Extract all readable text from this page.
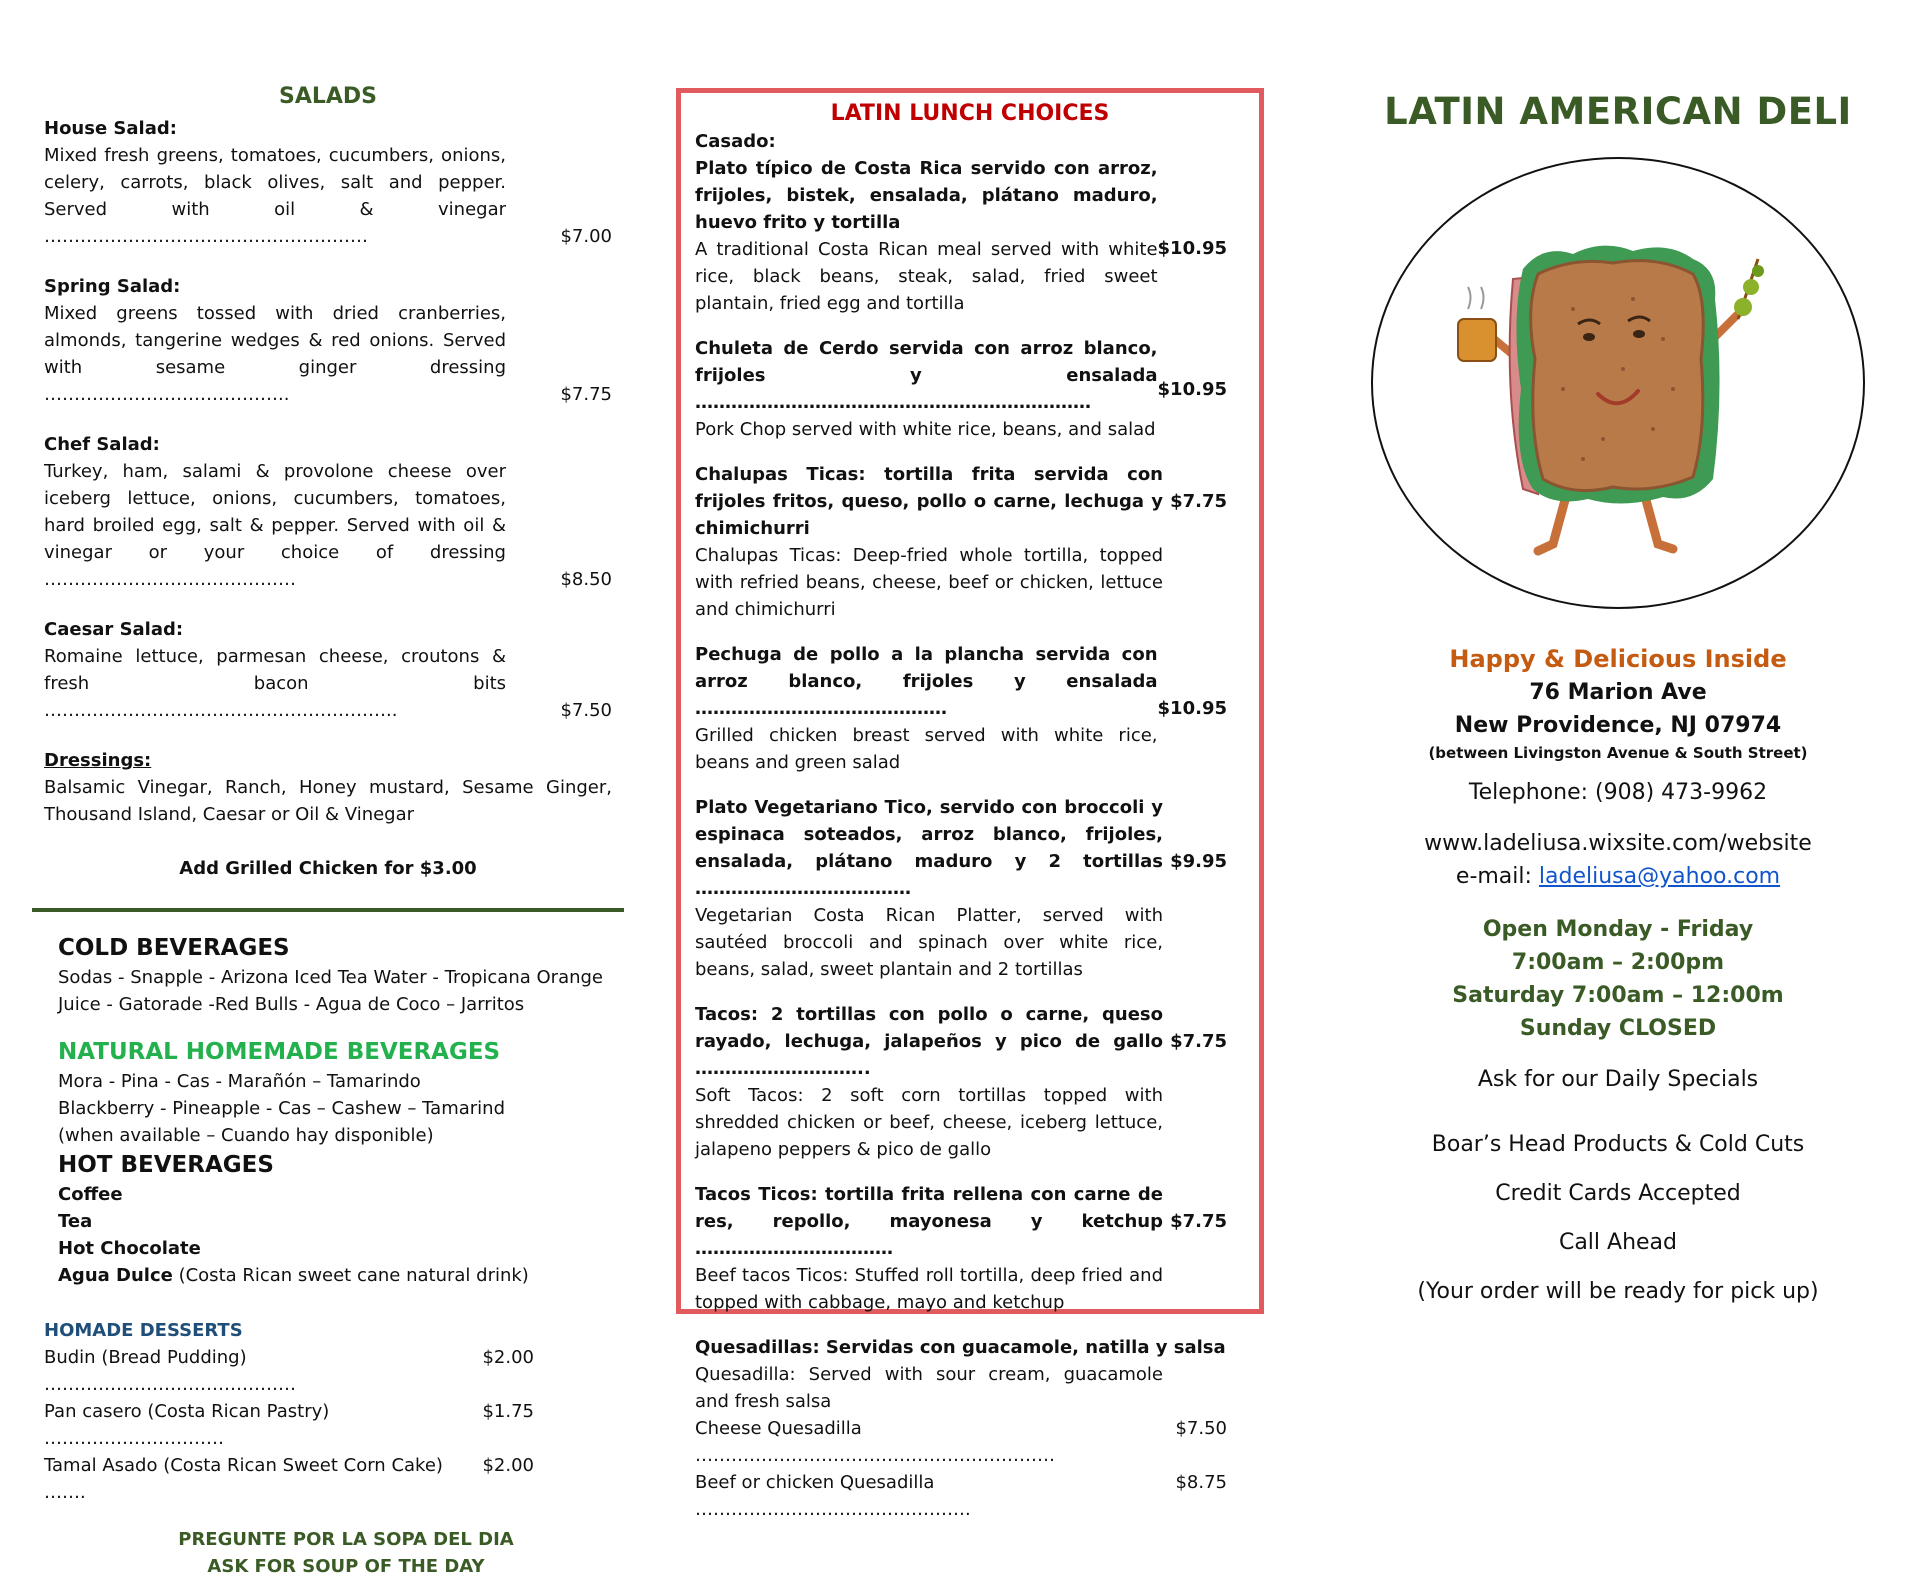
SALADS
House Salad:
Mixed fresh greens, tomatoes, cucumbers, onions, celery, carrots, black olives, salt and pepper. Served with oil & vinegar ………………………………………………	$7.00
Spring Salad:
Mixed greens tossed with dried cranberries, almonds, tangerine wedges & red onions. Served with sesame ginger dressing …………………………………..	$7.75
Chef Salad:
Turkey, ham, salami & provolone cheese over iceberg lettuce, onions, cucumbers, tomatoes, hard broiled egg, salt & pepper. Served with oil & vinegar or your choice of dressing ……………………………………	$8.50
Caesar Salad:
Romaine lettuce, parmesan cheese, croutons & fresh bacon bits …………………………………………………..	$7.50
Dressings:
Balsamic Vinegar, Ranch, Honey mustard, Sesame Ginger, Thousand Island, Caesar or Oil & Vinegar
Add Grilled Chicken for $3.00
COLD BEVERAGES
Sodas - Snapple - Arizona Iced Tea Water - Tropicana Orange Juice - Gatorade -Red Bulls - Agua de Coco – Jarritos
NATURAL HOMEMADE BEVERAGES
Mora - Pina - Cas - Marañón – Tamarindo
Blackberry - Pineapple - Cas – Cashew – Tamarind
(when available – Cuando hay disponible)
HOT BEVERAGES
Coffee
Tea
Hot Chocolate
Agua Dulce (Costa Rican sweet cane natural drink)
HOMADE DESSERTS
Budin (Bread Pudding) ……………………………………
$2.00
Pan casero (Costa Rican Pastry) …………………………
$1.75
Tamal Asado (Costa Rican Sweet Corn Cake) …….
$2.00
PREGUNTE POR LA SOPA DEL DIA
ASK FOR SOUP OF THE DAY
LATIN LUNCH CHOICES
Casado:
Plato típico de Costa Rica servido con arroz, frijoles, bistek, ensalada, plátano maduro, huevo frito y tortilla
A traditional Costa Rican meal served with white rice, black beans, steak, salad, fried sweet plantain, fried egg and tortilla
$10.95
Chuleta de Cerdo servida con arroz blanco, frijoles y ensalada …………………………………………………………
Pork Chop served with white rice, beans, and salad
$10.95
Chalupas Ticas: tortilla frita servida con frijoles fritos, queso, pollo o carne, lechuga y chimichurri
Chalupas Ticas: Deep-fried whole tortilla, topped with refried beans, cheese, beef or chicken, lettuce and chimichurri
$7.75
Pechuga de pollo a la plancha servida con arroz blanco, frijoles y ensalada ……………………………………
Grilled chicken breast served with white rice, beans and green salad
$10.95
Plato Vegetariano Tico, servido con broccoli y espinaca soteados, arroz blanco, frijoles, ensalada, plátano maduro y 2 tortillas ………………………………
Vegetarian Costa Rican Platter, served with sautéed broccoli and spinach over white rice, beans, salad, sweet plantain and 2 tortillas
$9.95
Tacos: 2 tortillas con pollo o carne, queso rayado, lechuga, jalapeños y pico de gallo ………………………..
Soft Tacos: 2 soft corn tortillas topped with shredded chicken or beef, cheese, iceberg lettuce, jalapeno peppers & pico de gallo
$7.75
Tacos Ticos: tortilla frita rellena con carne de res, repollo, mayonesa y ketchup ……………………………
Beef tacos Ticos: Stuffed roll tortilla, deep fried and topped with cabbage, mayo and ketchup
$7.75
Quesadillas: Servidas con guacamole, natilla y salsa
Quesadilla: Served with sour cream, guacamole and fresh salsa
Cheese Quesadilla ……………………………………………………
$7.50
Beef or chicken Quesadilla ……………………………………….
$8.75
LATIN AMERICAN DELI
Happy & Delicious Inside
76 Marion Ave
New Providence, NJ 07974
(between Livingston Avenue & South Street)
Telephone: (908) 473-9962
www.ladeliusa.wixsite.com/website
e-mail: ladeliusa@yahoo.com
Open Monday - Friday
7:00am – 2:00pm
Saturday 7:00am – 12:00m
Sunday CLOSED
Ask for our Daily Specials
Boar’s Head Products & Cold Cuts
Credit Cards Accepted
Call Ahead
(Your order will be ready for pick up)
